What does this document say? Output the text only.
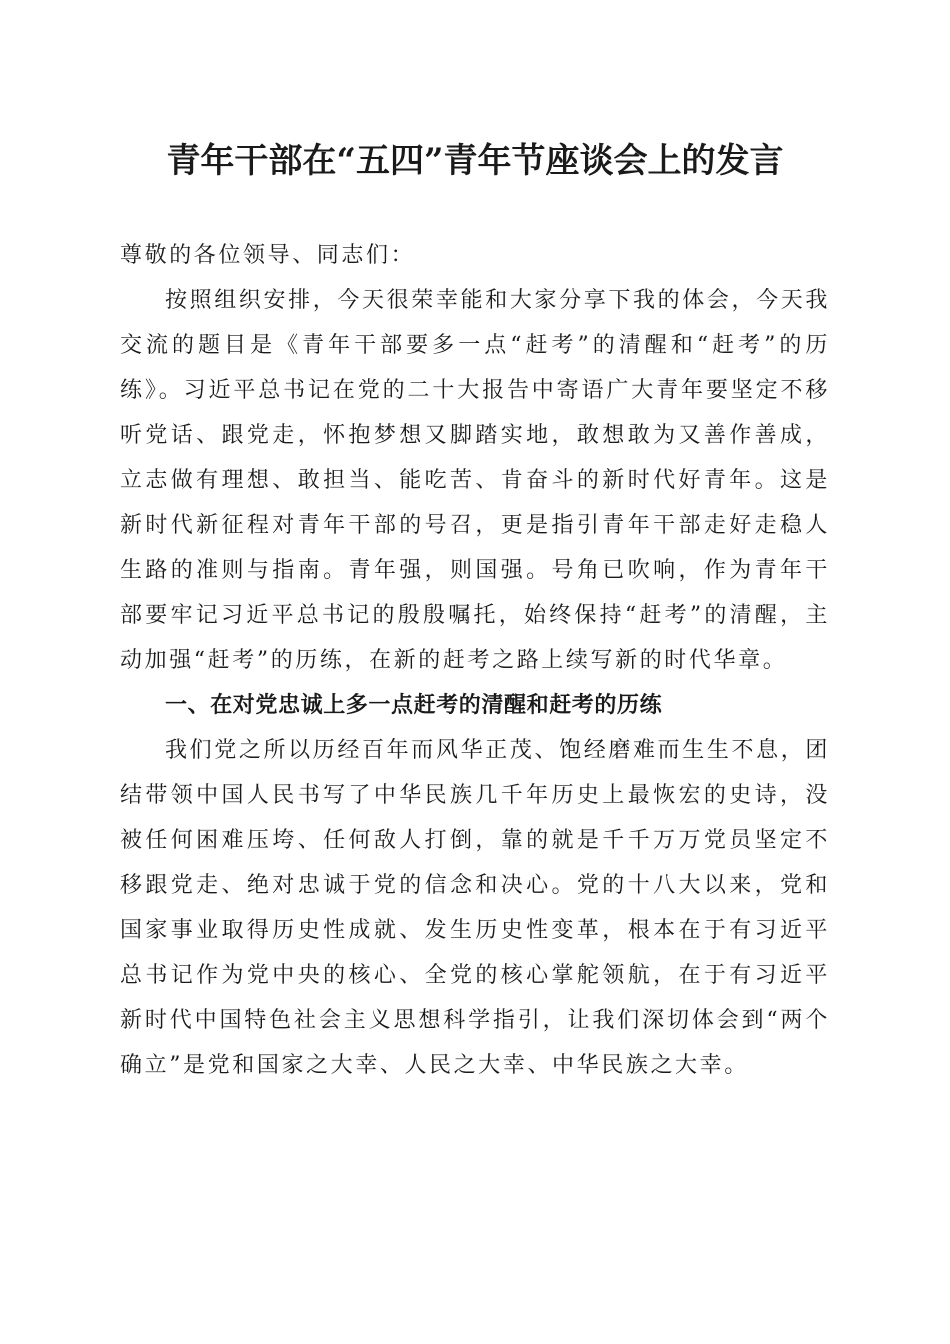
青年干部在“五四”青年节座谈会上的发言

尊敬的各位领导、同志们：

按照组织安排，今天很荣幸能和大家分享下我的体会，今天我交流的题目是《青年干部要多一点“赶考”的清醒和“赶考”的历练》。习近平总书记在党的二十大报告中寄语广大青年要坚定不移听党话、跟党走，怀抱梦想又脚踏实地，敢想敢为又善作善成，立志做有理想、敢担当、能吃苦、肯奋斗的新时代好青年。这是新时代新征程对青年干部的号召，更是指引青年干部走好走稳人生路的准则与指南。青年强，则国强。号角已吹响，作为青年干部要牢记习近平总书记的殷殷嘱托，始终保持“赶考”的清醒，主动加强“赶考”的历练，在新的赶考之路上续写新的时代华章。

一、在对党忠诚上多一点赶考的清醒和赶考的历练

我们党之所以历经百年而风华正茂、饱经磨难而生生不息，团结带领中国人民书写了中华民族几千年历史上最恢宏的史诗，没被任何困难压垮、任何敌人打倒，靠的就是千千万万党员坚定不移跟党走、绝对忠诚于党的信念和决心。党的十八大以来，党和国家事业取得历史性成就、发生历史性变革，根本在于有习近平总书记作为党中央的核心、全党的核心掌舵领航，在于有习近平新时代中国特色社会主义思想科学指引，让我们深切体会到“两个确立”是党和国家之大幸、人民之大幸、中华民族之大幸。
